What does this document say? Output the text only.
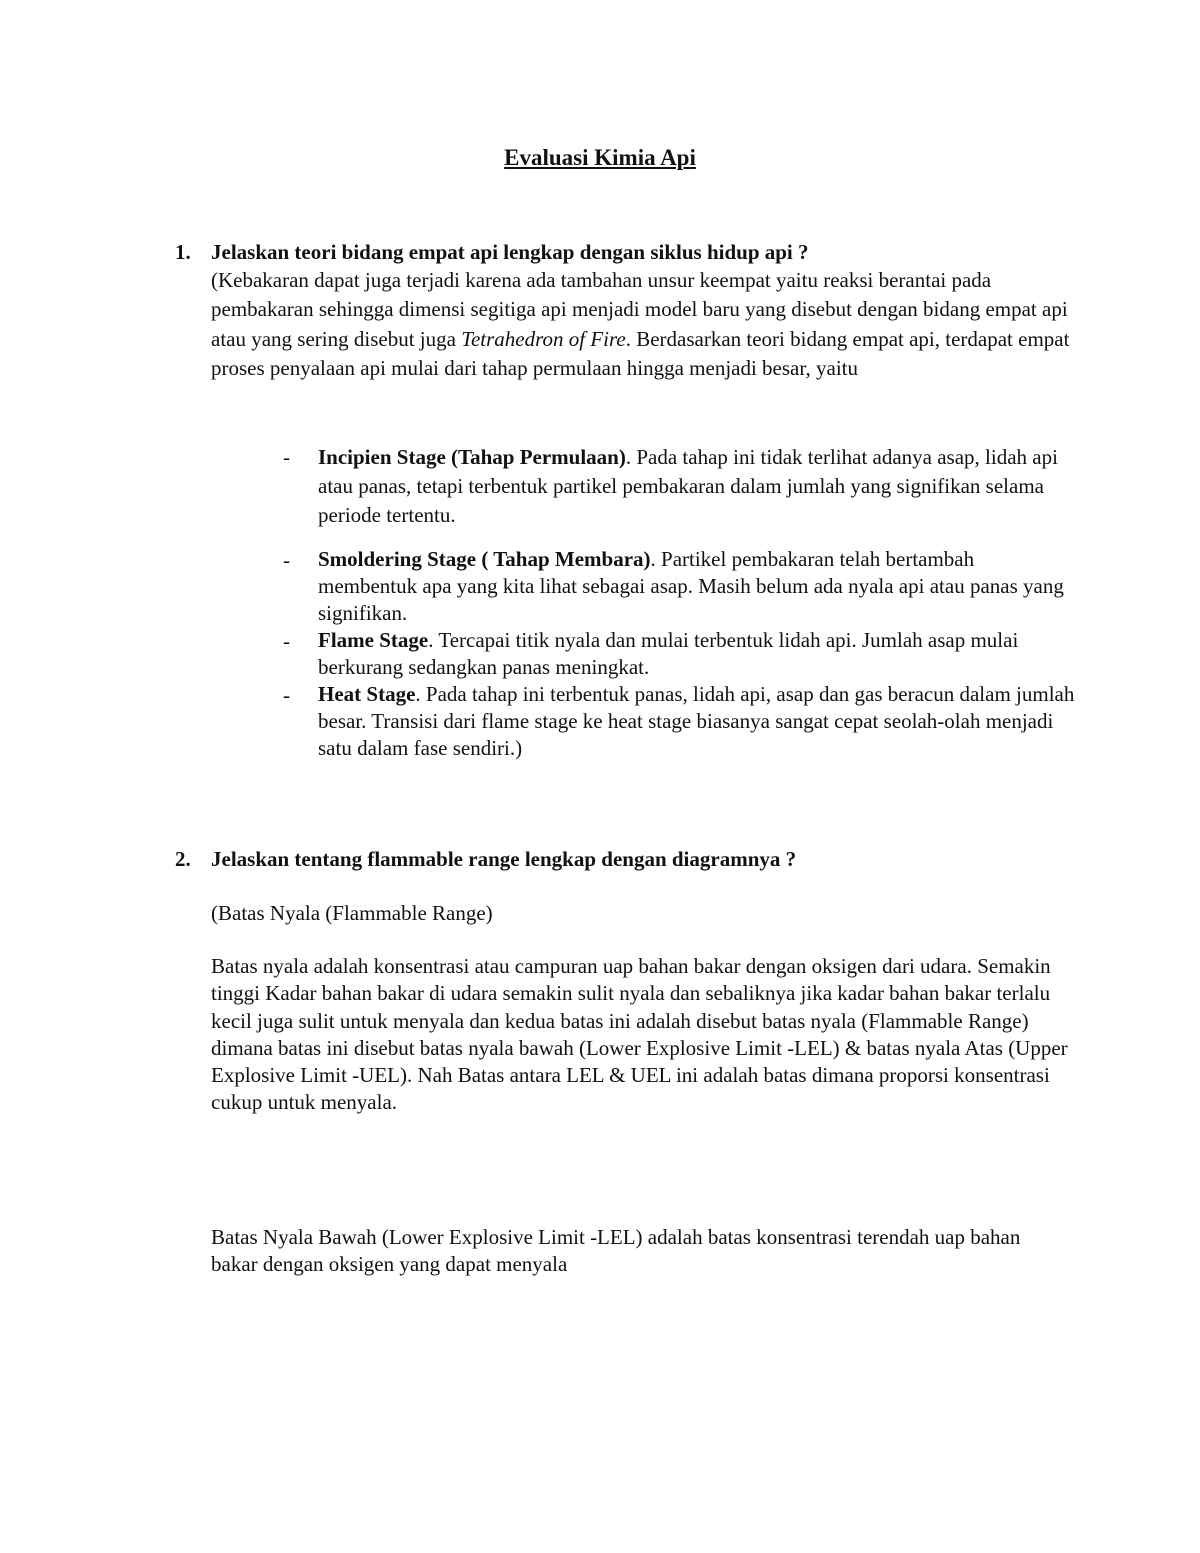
Evaluasi Kimia Api
1. Jelaskan teori bidang empat api lengkap dengan siklus hidup api ?
(Kebakaran dapat juga terjadi karena ada tambahan unsur keempat yaitu reaksi berantai pada pembakaran sehingga dimensi segitiga api menjadi model baru yang disebut dengan bidang empat api atau yang sering disebut juga Tetrahedron of Fire. Berdasarkan teori bidang empat api, terdapat empat proses penyalaan api mulai dari tahap permulaan hingga menjadi besar, yaitu
- Incipien Stage (Tahap Permulaan). Pada tahap ini tidak terlihat adanya asap, lidah api atau panas, tetapi terbentuk partikel pembakaran dalam jumlah yang signifikan selama periode tertentu.
- Smoldering Stage ( Tahap Membara). Partikel pembakaran telah bertambah membentuk apa yang kita lihat sebagai asap. Masih belum ada nyala api atau panas yang signifikan.
- Flame Stage. Tercapai titik nyala dan mulai terbentuk lidah api. Jumlah asap mulai berkurang sedangkan panas meningkat.
- Heat Stage. Pada tahap ini terbentuk panas, lidah api, asap dan gas beracun dalam jumlah besar. Transisi dari flame stage ke heat stage biasanya sangat cepat seolah-olah menjadi satu dalam fase sendiri.)
2. Jelaskan tentang flammable range lengkap dengan diagramnya ?
(Batas Nyala (Flammable Range)
Batas nyala adalah konsentrasi atau campuran uap bahan bakar dengan oksigen dari udara. Semakin tinggi Kadar bahan bakar di udara semakin sulit nyala dan sebaliknya jika kadar bahan bakar terlalu kecil juga sulit untuk menyala dan kedua batas ini adalah disebut batas nyala (Flammable Range) dimana batas ini disebut batas nyala bawah (Lower Explosive Limit -LEL) & batas nyala Atas (Upper Explosive Limit -UEL). Nah Batas antara LEL & UEL ini adalah batas dimana proporsi konsentrasi cukup untuk menyala.
Batas Nyala Bawah (Lower Explosive Limit -LEL) adalah batas konsentrasi terendah uap bahan bakar dengan oksigen yang dapat menyala
